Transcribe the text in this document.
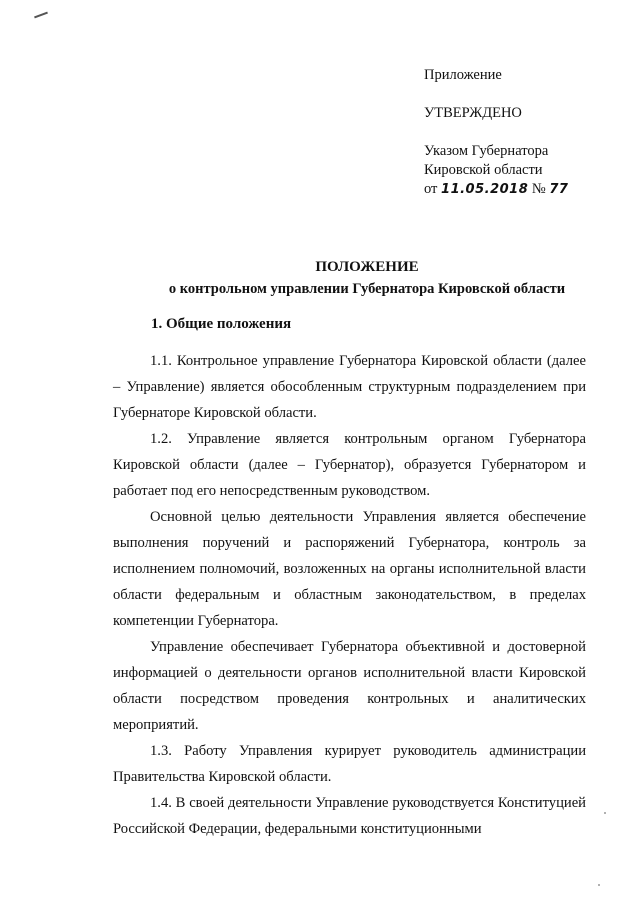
Приложение
УТВЕРЖДЕНО
Указом Губернатора
Кировской области
от 11.05.2018 № 77
ПОЛОЖЕНИЕ
о контрольном управлении Губернатора Кировской области
1. Общие положения

1.1. Контрольное управление Губернатора Кировской области (далее – Управление) является обособленным структурным подразделением при Губернаторе Кировской области.

1.2. Управление является контрольным органом Губернатора Кировской области (далее – Губернатор), образуется Губернатором и работает под его непосредственным руководством.

Основной целью деятельности Управления является обеспечение выполнения поручений и распоряжений Губернатора, контроль за исполнением полномочий, возложенных на органы исполнительной власти области федеральным и областным законодательством, в пределах компетенции Губернатора.

Управление обеспечивает Губернатора объективной и достоверной информацией о деятельности органов исполнительной власти Кировской области посредством проведения контрольных и аналитических мероприятий.

1.3. Работу Управления курирует руководитель администрации Правительства Кировской области.

1.4. В своей деятельности Управление руководствуется Конституцией Российской Федерации, федеральными конституционными
